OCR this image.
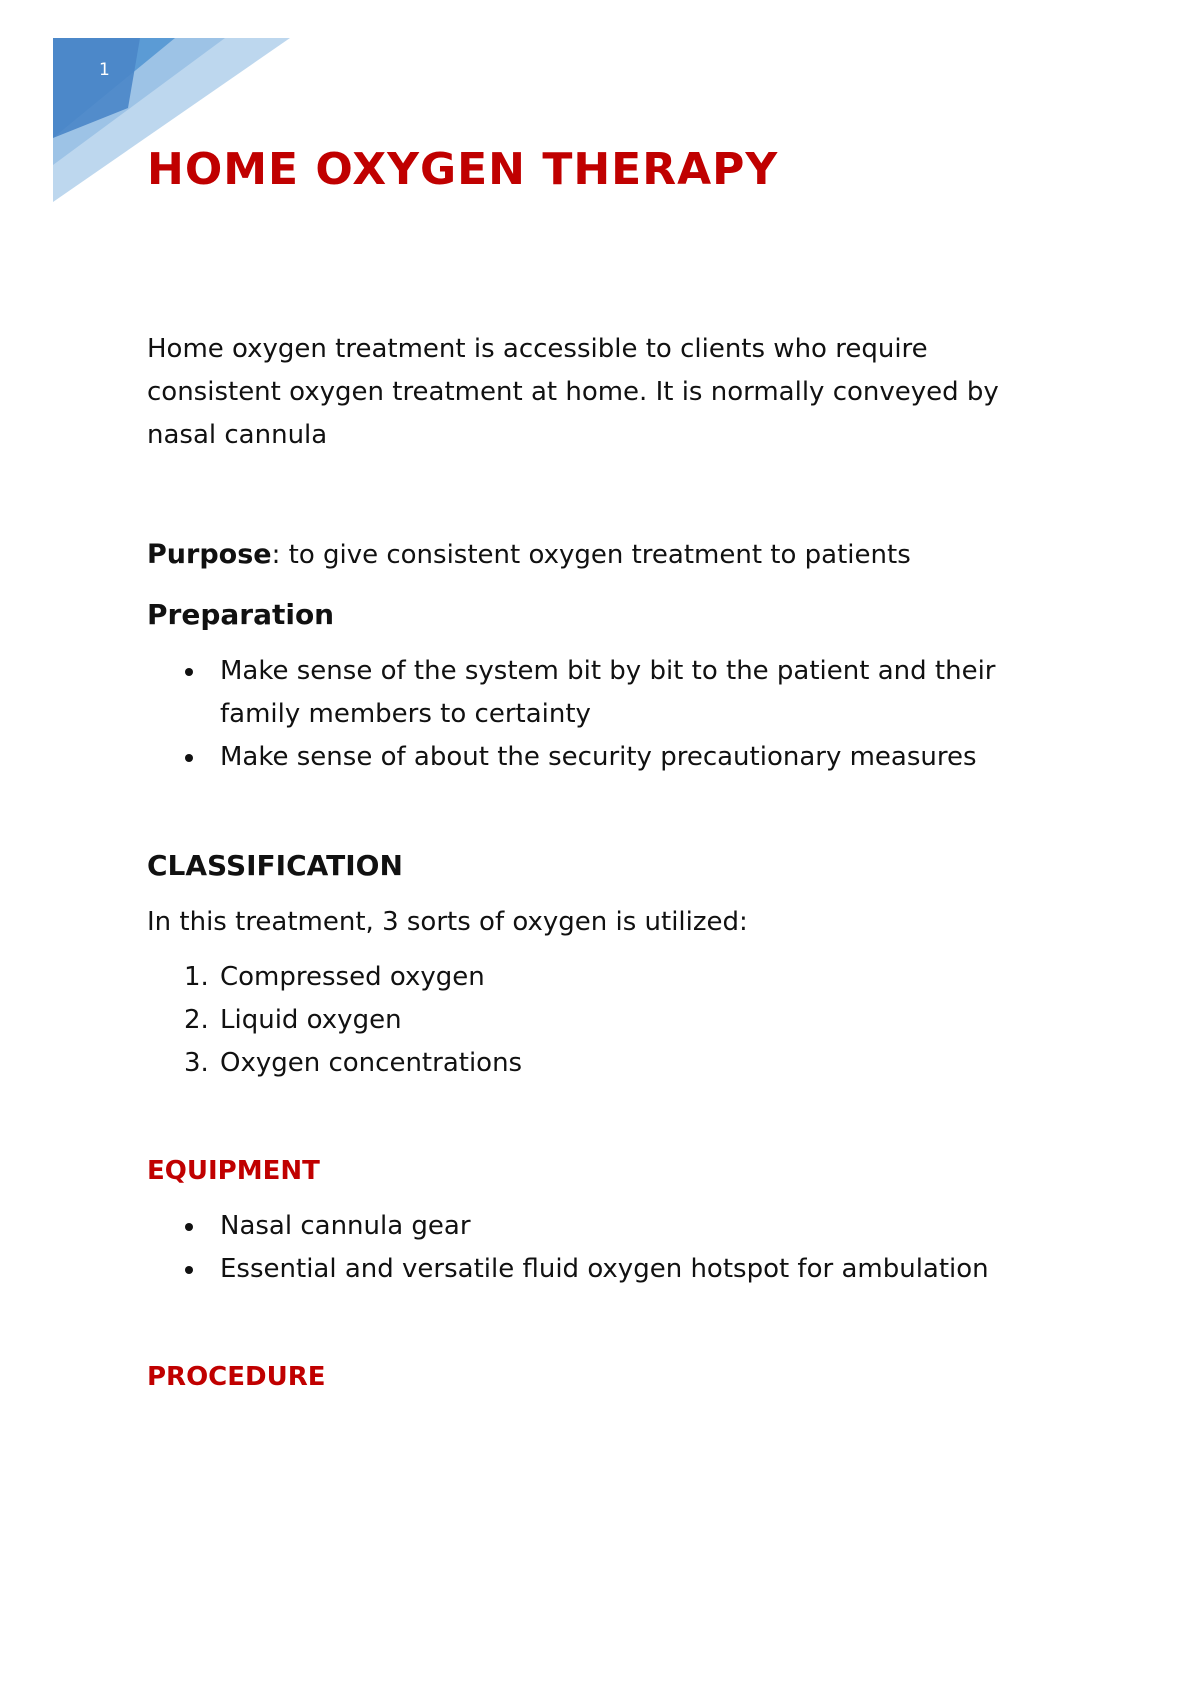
1
HOME OXYGEN THERAPY

Home oxygen treatment is accessible to clients who require consistent oxygen treatment at home. It is normally conveyed by nasal cannula

Purpose: to give consistent oxygen treatment to patients

Preparation
Make sense of the system bit by bit to the patient and their family members to certainty
Make sense of about the security precautionary measures
CLASSIFICATION

In this treatment, 3 sorts of oxygen is utilized:

1. Compressed oxygen
2. Liquid oxygen
3. Oxygen concentrations
EQUIPMENT
Nasal cannula gear
Essential and versatile fluid oxygen hotspot for ambulation
PROCEDURE
